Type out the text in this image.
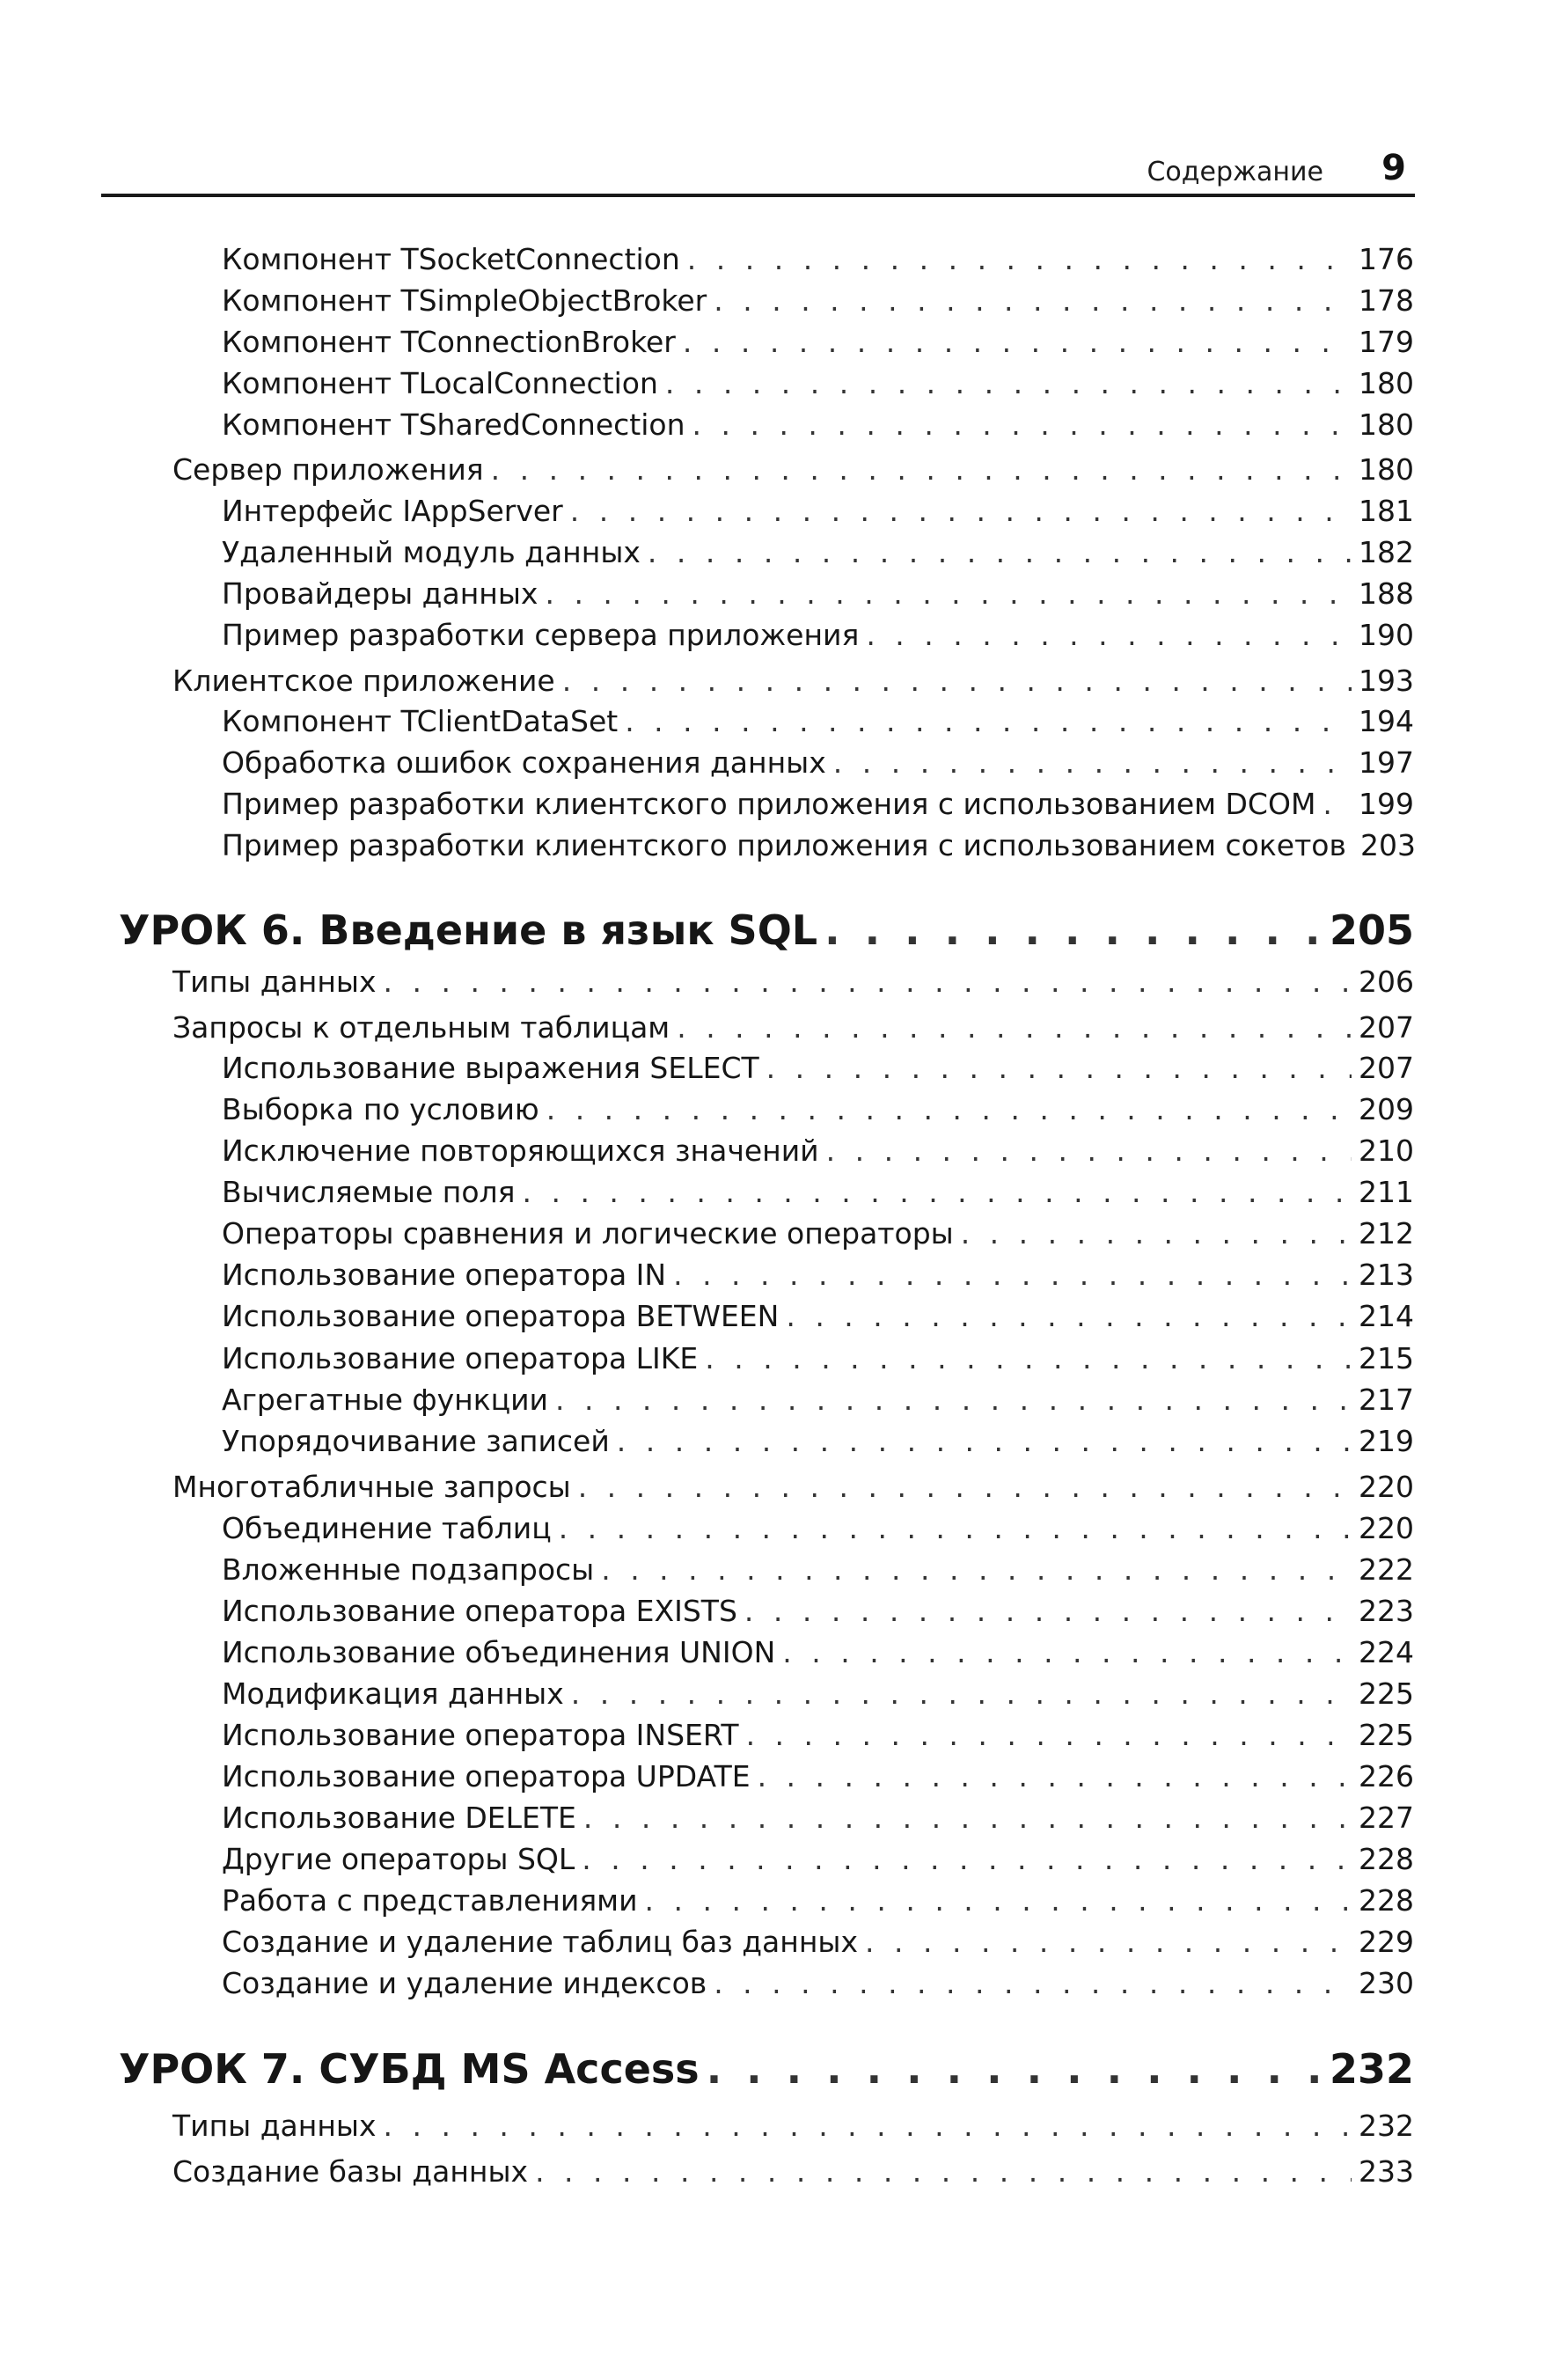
Содержание 9
Компонент TSocketConnection . . .	176
Компонент TSimpleObjectBroker . . .	178
Компонент TConnectionBroker . . .	179
Компонент TLocalConnection . . .	180
Компонент TSharedConnection . . .	180
Сервер приложения . . .	180
Интерфейс IAppServer . . .	181
Удаленный модуль данных . . .	182
Провайдеры данных . . .	188
Пример разработки сервера приложения . . .	190
Клиентское приложение . . .	193
Компонент TClientDataSet . . .	194
Обработка ошибок сохранения данных . . .	197
Пример разработки клиентского приложения с использованием DCOM . . . 199
Пример разработки клиентского приложения с использованием сокетов 203
УРОК 6. Введение в язык SQL . . .	205
Типы данных . . .	206
Запросы к отдельным таблицам . . .	207
Использование выражения SELECT . . .	207
Выборка по условию . . .	209
Исключение повторяющихся значений . . .	210
Вычисляемые поля . . .	211
Операторы сравнения и логические операторы . . .	212
Использование оператора IN . . .	213
Использование оператора BETWEEN . . .	214
Использование оператора LIKE . . .	215
Агрегатные функции . . .	217
Упорядочивание записей . . .	219
Многотабличные запросы . . .	220
Объединение таблиц . . .	220
Вложенные подзапросы . . .	222
Использование оператора EXISTS . . .	223
Использование объединения UNION . . .	224
Модификация данных . . .	225
Использование оператора INSERT . . .	225
Использование оператора UPDATE . . .	226
Использование DELETE . . .	227
Другие операторы SQL . . .	228
Работа с представлениями . . .	228
Создание и удаление таблиц баз данных . . .	229
Создание и удаление индексов . . .	230
УРОК 7. СУБД MS Access . . .	232
Типы данных . . .	232
Создание базы данных . . .	233
